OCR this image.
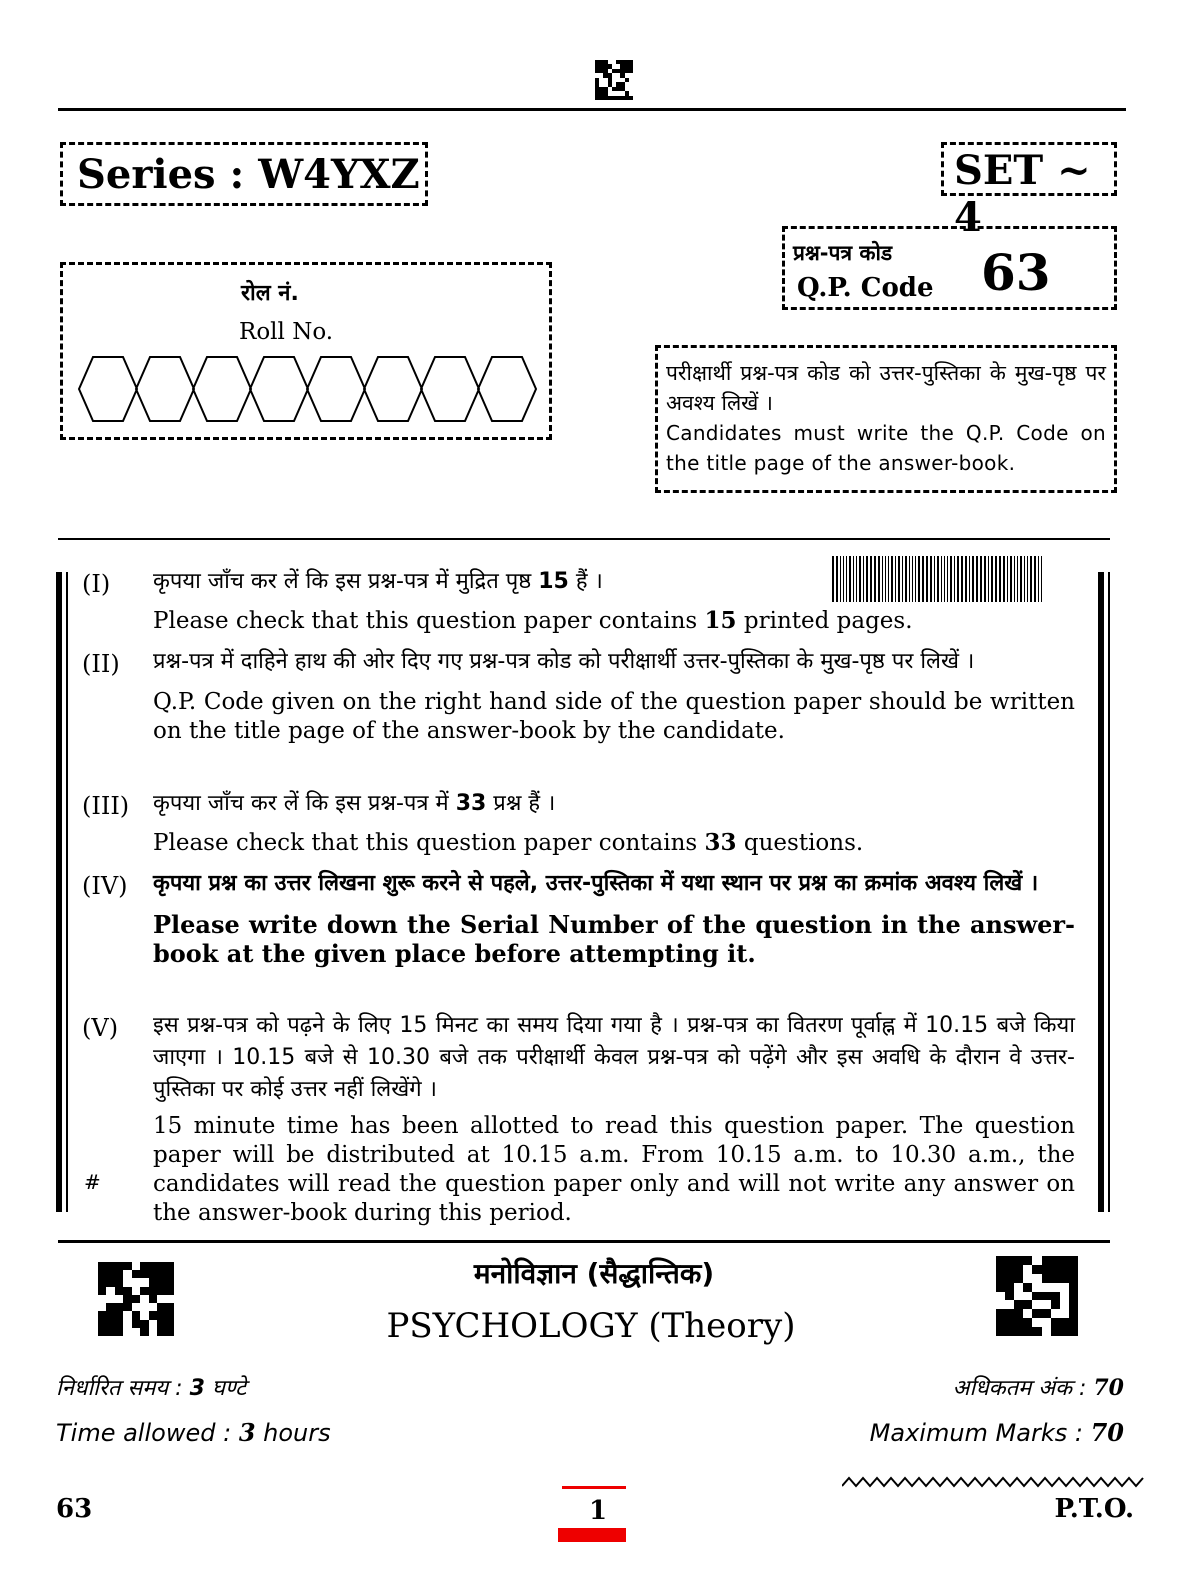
Series : W4YXZ	SET ~ 4
प्रश्न-पत्र कोड
Q.P. Code 63
रोल नं.
Roll No.
परीक्षार्थी प्रश्न-पत्र कोड को उत्तर-पुस्तिका के मुख-पृष्ठ पर अवश्य लिखें ।
Candidates must write the Q.P. Code on the title page of the answer-book.
(I) कृपया जाँच कर लें कि इस प्रश्न-पत्र में मुद्रित पृष्ठ 15 हैं ।
Please check that this question paper contains 15 printed pages.
(II) प्रश्न-पत्र में दाहिने हाथ की ओर दिए गए प्रश्न-पत्र कोड को परीक्षार्थी उत्तर-पुस्तिका के मुख-पृष्ठ पर लिखें ।
Q.P. Code given on the right hand side of the question paper should be written on the title page of the answer-book by the candidate.
(III) कृपया जाँच कर लें कि इस प्रश्न-पत्र में 33 प्रश्न हैं ।
Please check that this question paper contains 33 questions.
(IV) कृपया प्रश्न का उत्तर लिखना शुरू करने से पहले, उत्तर-पुस्तिका में यथा स्थान पर प्रश्न का क्रमांक अवश्य लिखें ।
Please write down the Serial Number of the question in the answer-book at the given place before attempting it.
(V) इस प्रश्न-पत्र को पढ़ने के लिए 15 मिनट का समय दिया गया है । प्रश्न-पत्र का वितरण पूर्वाह्न में 10.15 बजे किया जाएगा । 10.15 बजे से 10.30 बजे तक परीक्षार्थी केवल प्रश्न-पत्र को पढ़ेंगे और इस अवधि के दौरान वे उत्तर-पुस्तिका पर कोई उत्तर नहीं लिखेंगे ।
15 minute time has been allotted to read this question paper. The question paper will be distributed at 10.15 a.m. From 10.15 a.m. to 10.30 a.m., the candidates will read the question paper only and will not write any answer on the answer-book during this period.
#
मनोविज्ञान (सैद्धान्तिक)
PSYCHOLOGY (Theory)
निर्धारित समय : 3 घण्टे
Time allowed : 3 hours
अधिकतम अंक : 70
Maximum Marks : 70
63	1	P.T.O.
